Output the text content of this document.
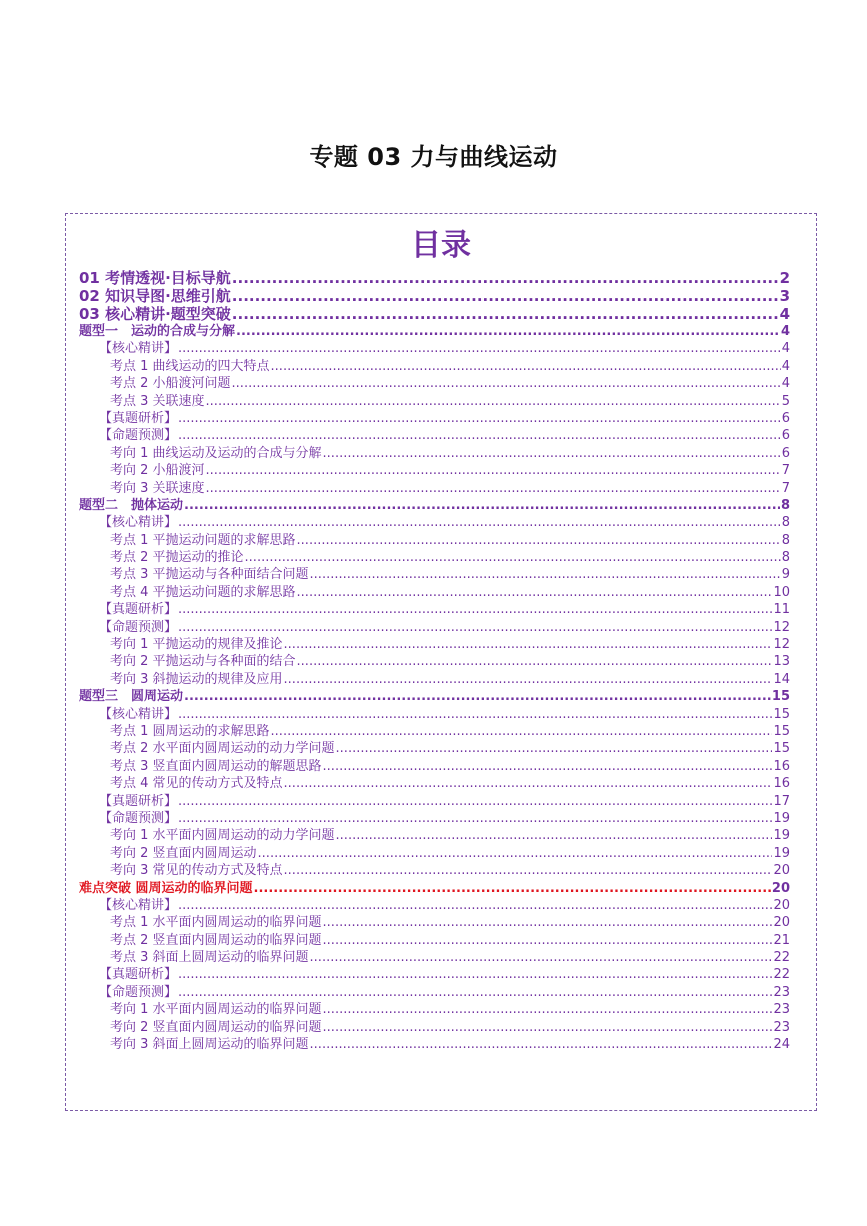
专题 03 力与曲线运动
目录
01 考情透视·目标导航 .....	2
02 知识导图·思维引航 .....	3
03 核心精讲·题型突破 .....	4
题型一　运动的合成与分解 .....	4
【核心精讲】 .....	4
考点 1 曲线运动的四大特点 .....	4
考点 2 小船渡河问题 .....	4
考点 3 关联速度 .....	5
【真题研析】 .....	6
【命题预测】 .....	6
考向 1 曲线运动及运动的合成与分解 .....	6
考向 2 小船渡河 .....	7
考向 3 关联速度 .....	7
题型二　抛体运动 .....	8
【核心精讲】 .....	8
考点 1 平抛运动问题的求解思路 .....	8
考点 2 平抛运动的推论 .....	8
考点 3 平抛运动与各种面结合问题 .....	9
考点 4 平抛运动问题的求解思路 .....	10
【真题研析】 .....	11
【命题预测】 .....	12
考向 1 平抛运动的规律及推论 .....	12
考向 2 平抛运动与各种面的结合 .....	13
考向 3 斜抛运动的规律及应用 .....	14
题型三　圆周运动 .....	15
【核心精讲】 .....	15
考点 1 圆周运动的求解思路 .....	15
考点 2 水平面内圆周运动的动力学问题 .....	15
考点 3 竖直面内圆周运动的解题思路 .....	16
考点 4 常见的传动方式及特点 .....	16
【真题研析】 .....	17
【命题预测】 .....	19
考向 1 水平面内圆周运动的动力学问题 .....	19
考向 2 竖直面内圆周运动 .....	19
考向 3 常见的传动方式及特点 .....	20
难点突破 圆周运动的临界问题 .....	20
【核心精讲】 .....	20
考点 1 水平面内圆周运动的临界问题 .....	20
考点 2 竖直面内圆周运动的临界问题 .....	21
考点 3 斜面上圆周运动的临界问题 .....	22
【真题研析】 .....	22
【命题预测】 .....	23
考向 1 水平面内圆周运动的临界问题 .....	23
考向 2 竖直面内圆周运动的临界问题 .....	23
考向 3 斜面上圆周运动的临界问题 .....	24
